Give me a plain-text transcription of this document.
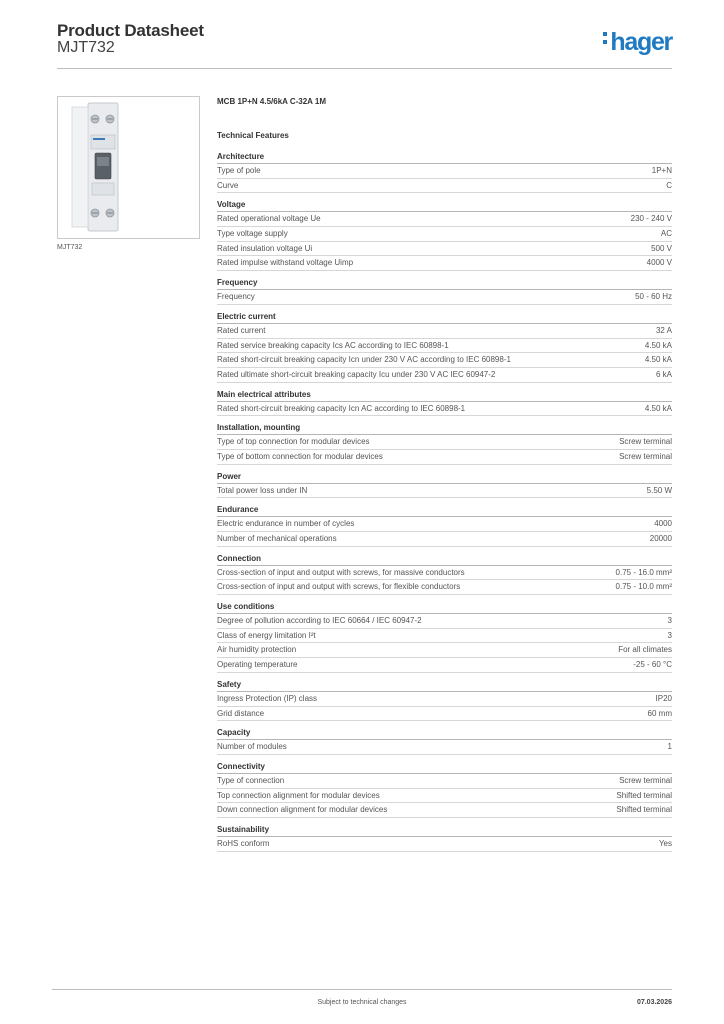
Product Datasheet
MJT732	hager
MJT732
MCB 1P+N 4.5/6kA C-32A 1M
Technical Features
Architecture
Type of pole	1P+N
Curve	C
Voltage
Rated operational voltage Ue	230 - 240 V
Type voltage supply	AC
Rated insulation voltage Ui	500 V
Rated impulse withstand voltage Uimp	4000 V
Frequency
Frequency	50 - 60 Hz
Electric current
Rated current	32 A
Rated service breaking capacity Ics AC according to IEC 60898-1	4.50 kA
Rated short-circuit breaking capacity Icn under 230 V AC according to IEC 60898-1	4.50 kA
Rated ultimate short-circuit breaking capacity Icu under 230 V AC IEC 60947-2	6 kA
Main electrical attributes
Rated short-circuit breaking capacity Icn AC according to IEC 60898-1	4.50 kA
Installation, mounting
Type of top connection for modular devices	Screw terminal
Type of bottom connection for modular devices	Screw terminal
Power
Total power loss under IN	5.50 W
Endurance
Electric endurance in number of cycles	4000
Number of mechanical operations	20000
Connection
Cross-section of input and output with screws, for massive conductors	0.75 - 16.0 mm²
Cross-section of input and output with screws, for flexible conductors	0.75 - 10.0 mm²
Use conditions
Degree of pollution according to IEC 60664 / IEC 60947-2	3
Class of energy limitation I²t	3
Air humidity protection	For all climates
Operating temperature	-25 - 60 °C
Safety
Ingress Protection (IP) class	IP20
Grid distance	60 mm
Capacity
Number of modules	1
Connectivity
Type of connection	Screw terminal
Top connection alignment for modular devices	Shifted terminal
Down connection alignment for modular devices	Shifted terminal
Sustainability
RoHS conform	Yes
Subject to technical changes	07.03.2026
